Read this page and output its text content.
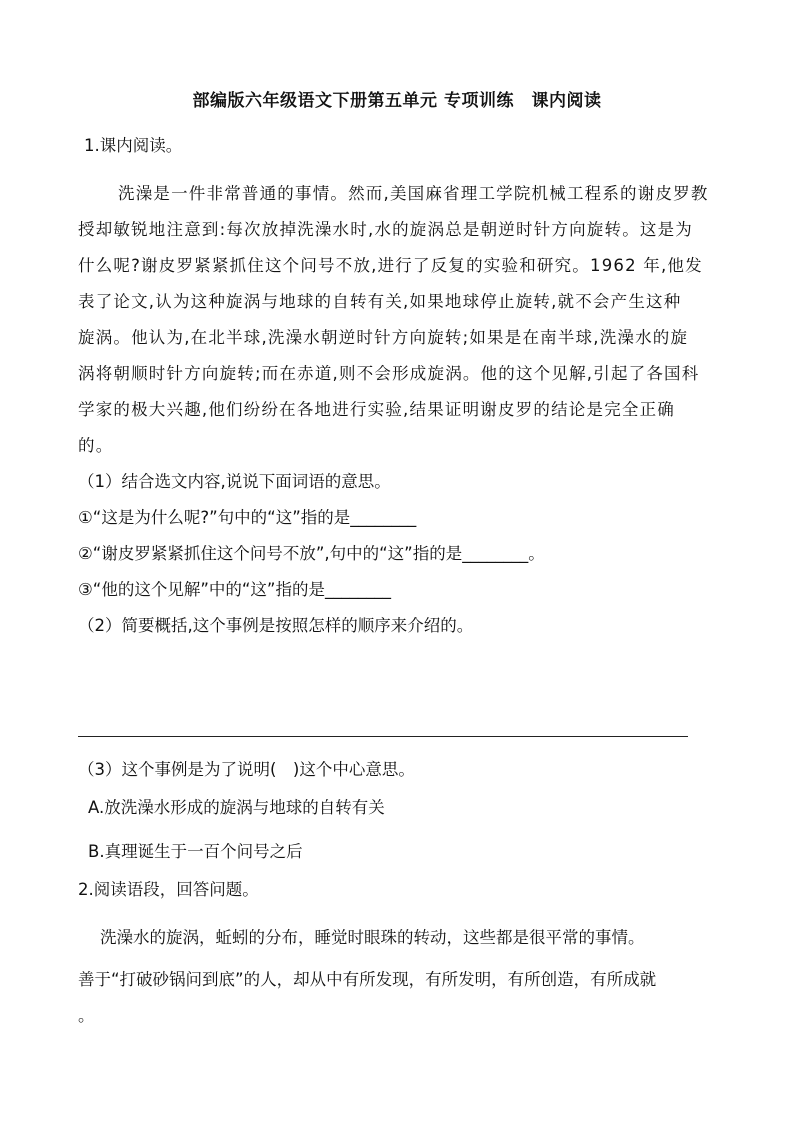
部编版六年级语文下册第五单元 专项训练　课内阅读
1.课内阅读。
洗澡是一件非常普通的事情。然而,美国麻省理工学院机械工程系的谢皮罗教
授却敏锐地注意到:每次放掉洗澡水时,水的旋涡总是朝逆时针方向旋转。这是为
什么呢?谢皮罗紧紧抓住这个问号不放,进行了反复的实验和研究。1962 年,他发
表了论文,认为这种旋涡与地球的自转有关,如果地球停止旋转,就不会产生这种
旋涡。他认为,在北半球,洗澡水朝逆时针方向旋转;如果是在南半球,洗澡水的旋
涡将朝顺时针方向旋转;而在赤道,则不会形成旋涡。他的这个见解,引起了各国科
学家的极大兴趣,他们纷纷在各地进行实验,结果证明谢皮罗的结论是完全正确
的。
（1）结合选文内容,说说下面词语的意思。
①“这是为什么呢?”句中的“这”指的是________
②“谢皮罗紧紧抓住这个问号不放”,句中的“这”指的是________。
③“他的这个见解”中的“这”指的是________
（2）简要概括,这个事例是按照怎样的顺序来介绍的。
（3）这个事例是为了说明(　)这个中心意思。
A.放洗澡水形成的旋涡与地球的自转有关
B.真理诞生于一百个问号之后
2.阅读语段，回答问题。
洗澡水的旋涡，蚯蚓的分布，睡觉时眼珠的转动，这些都是很平常的事情。
善于“打破砂锅问到底”的人，却从中有所发现，有所发明，有所创造，有所成就
。
